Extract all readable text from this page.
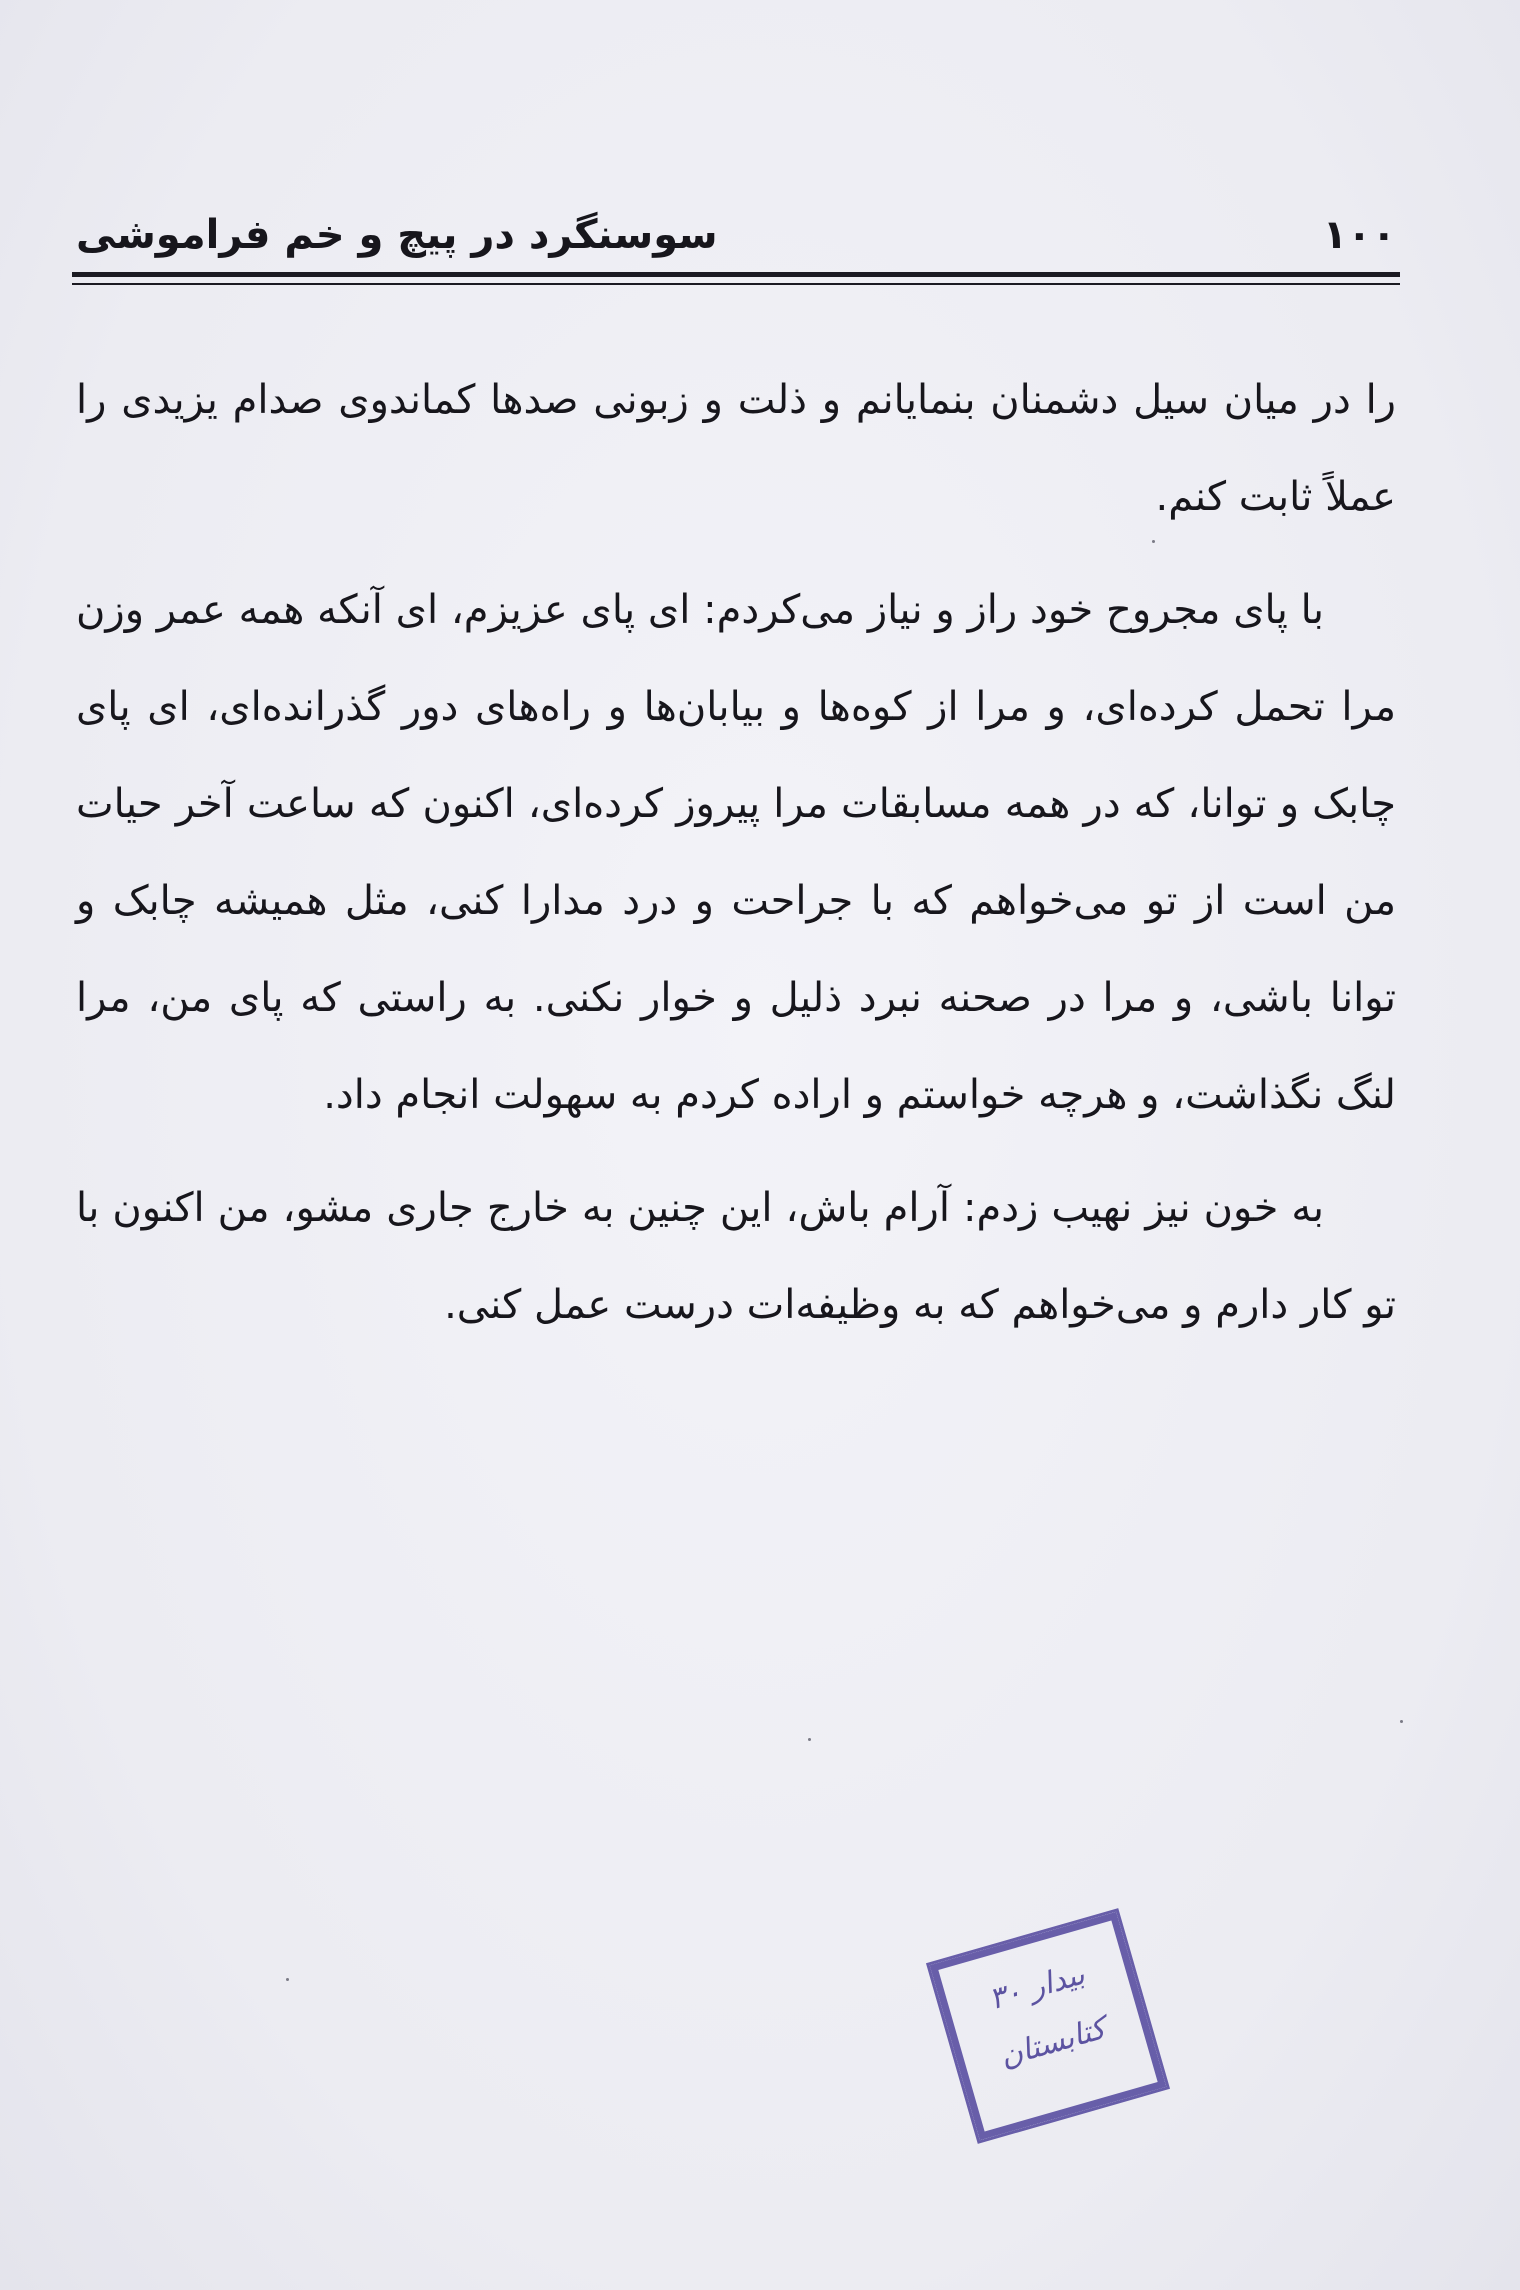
۱۰۰
سوسنگرد در پیچ و خم فراموشی

را در میان سیل دشمنان بنمایانم و ذلت و زبونی صدها کماندوی صدام یزیدی را عملاً ثابت کنم.

با پای مجروح خود راز و نیاز می‌کردم: ای پای عزیزم، ای آنکه همه عمر وزن مرا تحمل کرده‌ای، و مرا از کوه‌ها و بیابان‌ها و راه‌های دور گذرانده‌ای، ای پای چابک و توانا، که در همه مسابقات مرا پیروز کرده‌ای، اکنون که ساعت آخر حیات من است از تو می‌خواهم که با جراحت و درد مدارا کنی، مثل همیشه چابک و توانا باشی، و مرا در صحنه نبرد ذلیل و خوار نکنی. به راستی که پای من، مرا لنگ نگذاشت، و هرچه خواستم و اراده کردم به سهولت انجام داد.

به خون نیز نهیب زدم: آرام باش، این چنین به خارج جاری مشو، من اکنون با تو کار دارم و می‌خواهم که به وظیفه‌ات درست عمل کنی.

بیدار ۳۰
کتابستان
